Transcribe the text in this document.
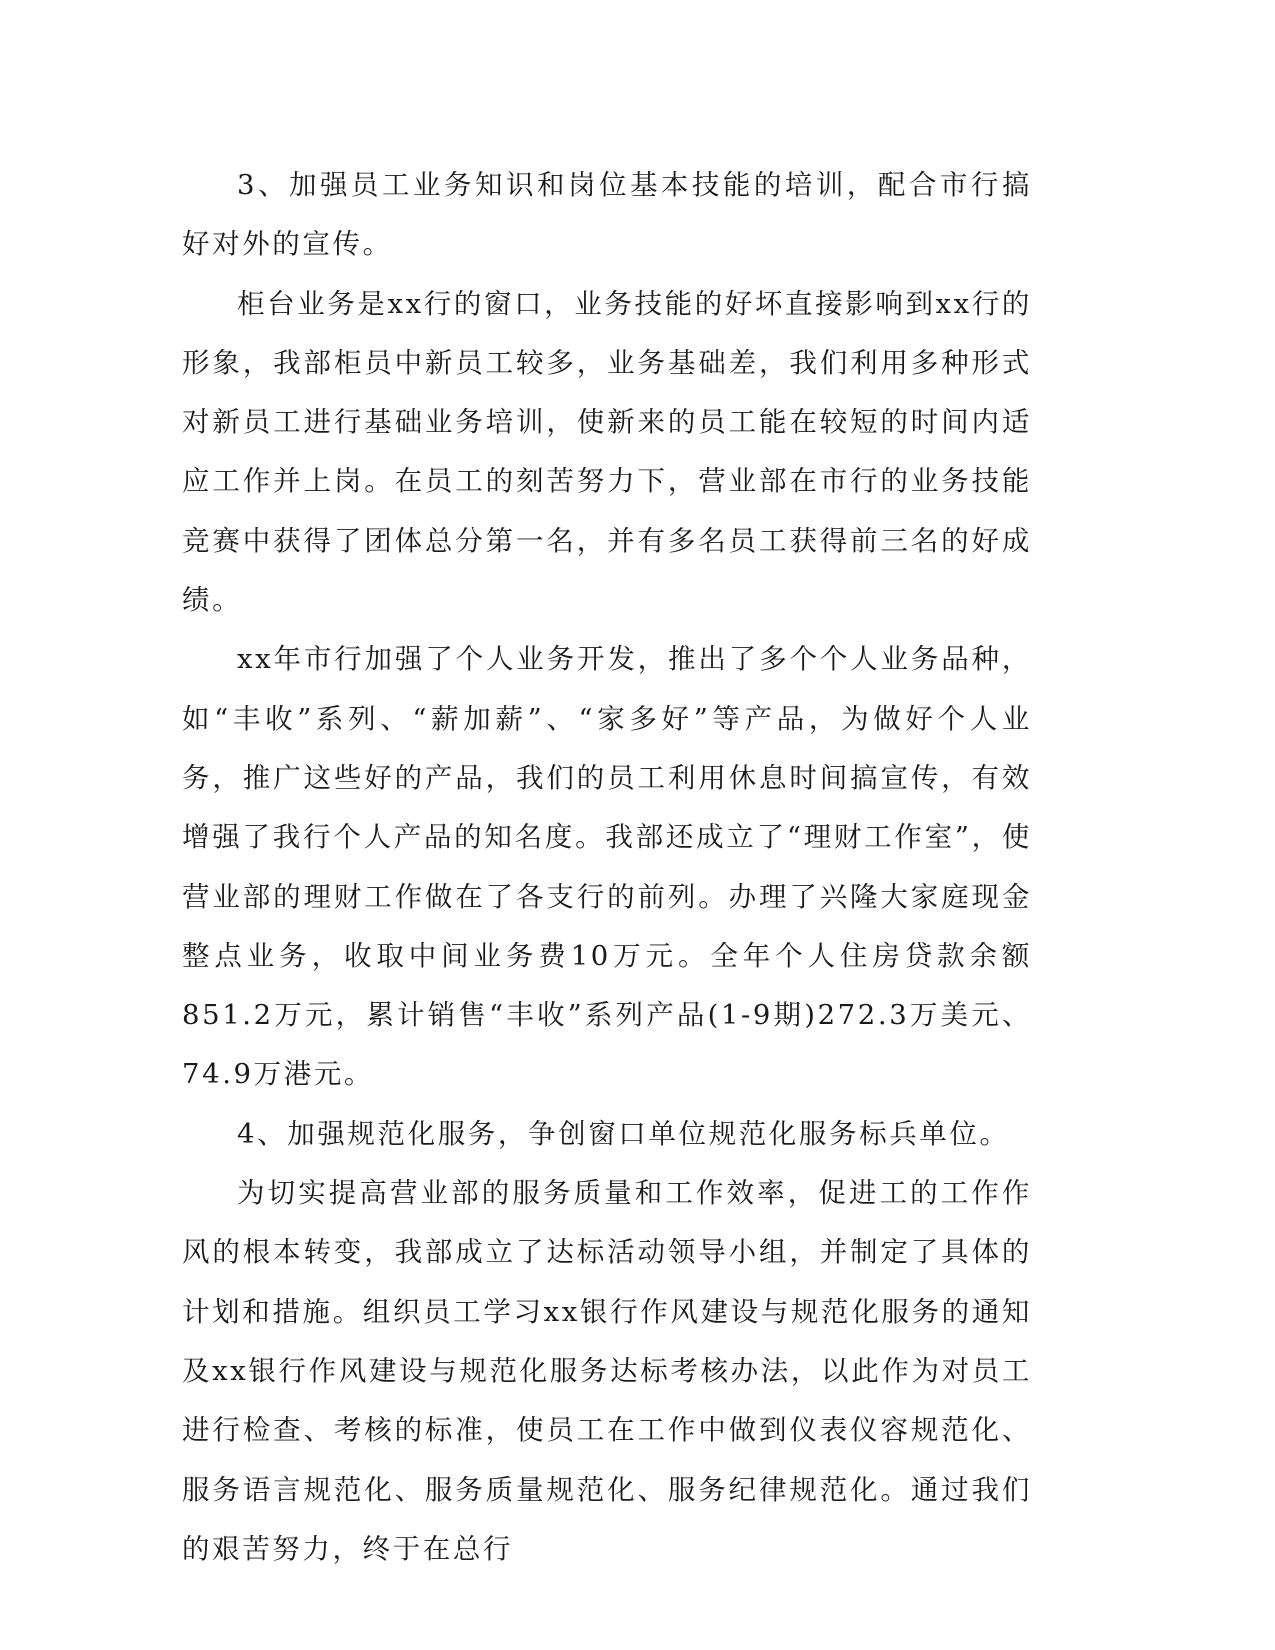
3、加强员工业务知识和岗位基本技能的培训，配合市行搞好对外的宣传。

柜台业务是xx行的窗口，业务技能的好坏直接影响到xx行的形象，我部柜员中新员工较多，业务基础差，我们利用多种形式对新员工进行基础业务培训，使新来的员工能在较短的时间内适应工作并上岗。在员工的刻苦努力下，营业部在市行的业务技能竞赛中获得了团体总分第一名，并有多名员工获得前三名的好成绩。

xx年市行加强了个人业务开发，推出了多个个人业务品种，如“丰收”系列、“薪加薪”、“家多好”等产品，为做好个人业务，推广这些好的产品，我们的员工利用休息时间搞宣传，有效增强了我行个人产品的知名度。我部还成立了“理财工作室”，使营业部的理财工作做在了各支行的前列。办理了兴隆大家庭现金整点业务，收取中间业务费10万元。全年个人住房贷款余额851.2万元，累计销售“丰收”系列产品(1-9期)272.3万美元、74.9万港元。

4、加强规范化服务，争创窗口单位规范化服务标兵单位。

为切实提高营业部的服务质量和工作效率，促进工的工作作风的根本转变，我部成立了达标活动领导小组，并制定了具体的计划和措施。组织员工学习xx银行作风建设与规范化服务的通知及xx银行作风建设与规范化服务达标考核办法，以此作为对员工进行检查、考核的标准，使员工在工作中做到仪表仪容规范化、服务语言规范化、服务质量规范化、服务纪律规范化。通过我们的艰苦努力，终于在总行
